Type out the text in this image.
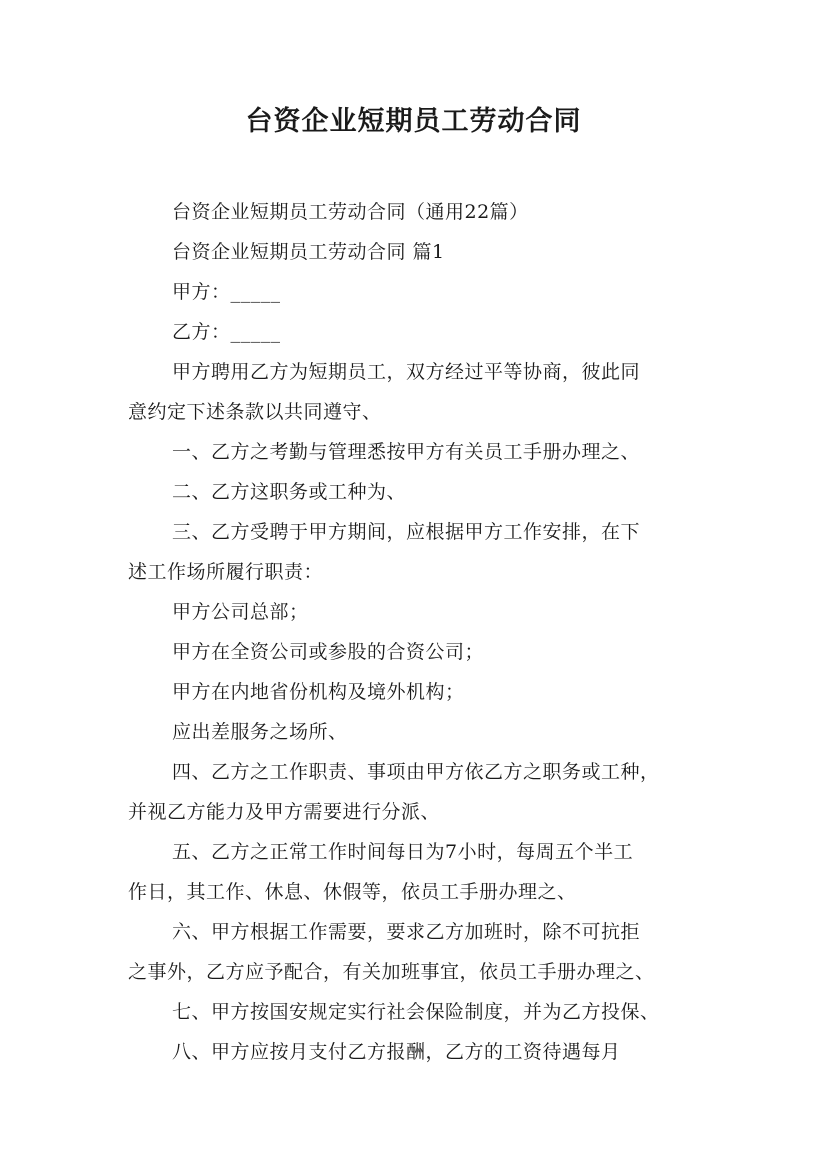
台资企业短期员工劳动合同

台资企业短期员工劳动合同（通用22篇）

台资企业短期员工劳动合同 篇1

甲方：_____

乙方：_____

甲方聘用乙方为短期员工，双方经过平等协商，彼此同

意约定下述条款以共同遵守、

一、乙方之考勤与管理悉按甲方有关员工手册办理之、

二、乙方这职务或工种为、

三、乙方受聘于甲方期间，应根据甲方工作安排，在下

述工作场所履行职责：

甲方公司总部；

甲方在全资公司或参股的合资公司；

甲方在内地省份机构及境外机构；

应出差服务之场所、

四、乙方之工作职责、事项由甲方依乙方之职务或工种，

并视乙方能力及甲方需要进行分派、

五、乙方之正常工作时间每日为7小时，每周五个半工

作日，其工作、休息、休假等，依员工手册办理之、

六、甲方根据工作需要，要求乙方加班时，除不可抗拒

之事外，乙方应予配合，有关加班事宜，依员工手册办理之、

七、甲方按国安规定实行社会保险制度，并为乙方投保、

八、甲方应按月支付乙方报酬，乙方的工资待遇每月
